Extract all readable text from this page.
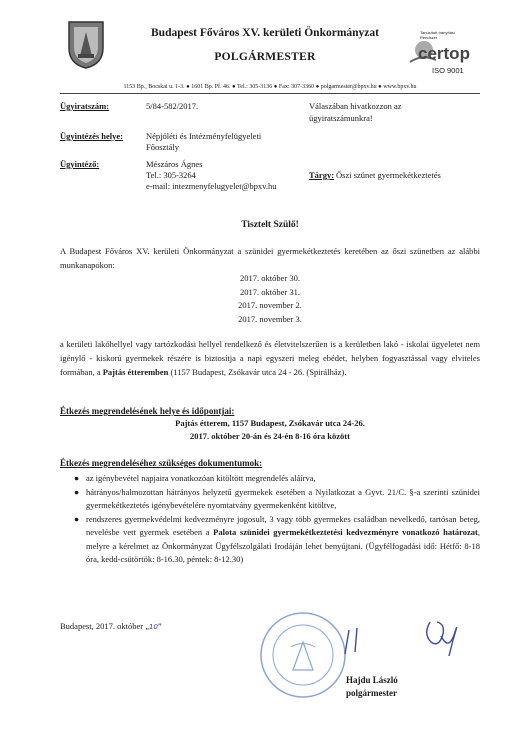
Budapest Főváros XV. kerületi Önkormányzat
POLGÁRMESTER
Tanúsított Irányítási Rendszer
certop
ISO 9001
1153 Bp., Bocskai u. 1-3. ● 1601 Bp. Pf. 46. ● Tel.: 305-3136 ● Fax: 307-3360 ● polgarmester@bpxv.hu ● www.bpxv.hu
Ügyiratszám:	5/84-582/2017.	Válaszában hivatkozzon az
ügyiratszámunkra!
Ügyintézés helye:	Népjóléti és Intézményfelügyeleti
Főosztály
Ügyintéző:	Mészáros Ágnes
Tel.: 305-3264
e-mail: intezmenyfelugyelet@bpxv.hu
Tárgy: Őszi szünet gyermekétkeztetés
Tisztelt Szülő!

A Budapest Főváros XV. kerületi Önkormányzat a szünidei gyermekétkeztetés keretében az őszi szünetben az alábbi munkanapokon:

2017. október 30.
2017. október 31.
2017. november 2.
2017. november 3.

a kerületi lakóhellyel vagy tartózkodási hellyel rendelkező és életvitelszerűen is a kerületben lakó - iskolai ügyeletet nem igénylő - kiskorú gyermekek részére is biztosítja a napi egyszeri meleg ebédet, helyben fogyasztással vagy elviteles formában, a Pajtás étteremben (1157 Budapest, Zsókavár utca 24 - 26. (Spirálház).

Étkezés megrendelésének helye és időpontjai:
Pajtás étterem, 1157 Budapest, Zsókavár utca 24-26.
2017. október 20-án és 24-én 8-16 óra között
Étkezés megrendeléséhez szükséges dokumentumok:
● az igénybevétel napjaira vonatkozóan kitöltött megrendelés aláírva,
● hátrányos/halmozottan hátrányos helyzetű gyermekek esetében a Nyilatkozat a Gyvt. 21/C. §-a szerinti szünidei gyermekétkeztetés igénybevételére nyomtatvány gyermekenként kitöltve,
● rendszeres gyermekvédelmi kedvezményre jogosult, 3 vagy több gyermekes családban nevelkedő, tartósan beteg, nevelésbe vett gyermek esetében a Palota szünidei gyermekétkeztetési kedvezményre vonatkozó határozat, melyre a kérelmet az Önkormányzat Ügyfélszolgálati Irodáján lehet benyújtani. (Ügyfélfogadási idő: Hétfő: 8-18 óra, kedd-csütörtök: 8-16.30, péntek: 8-12.30)
Budapest, 2017. október „10”
Hajdu László
polgármester
